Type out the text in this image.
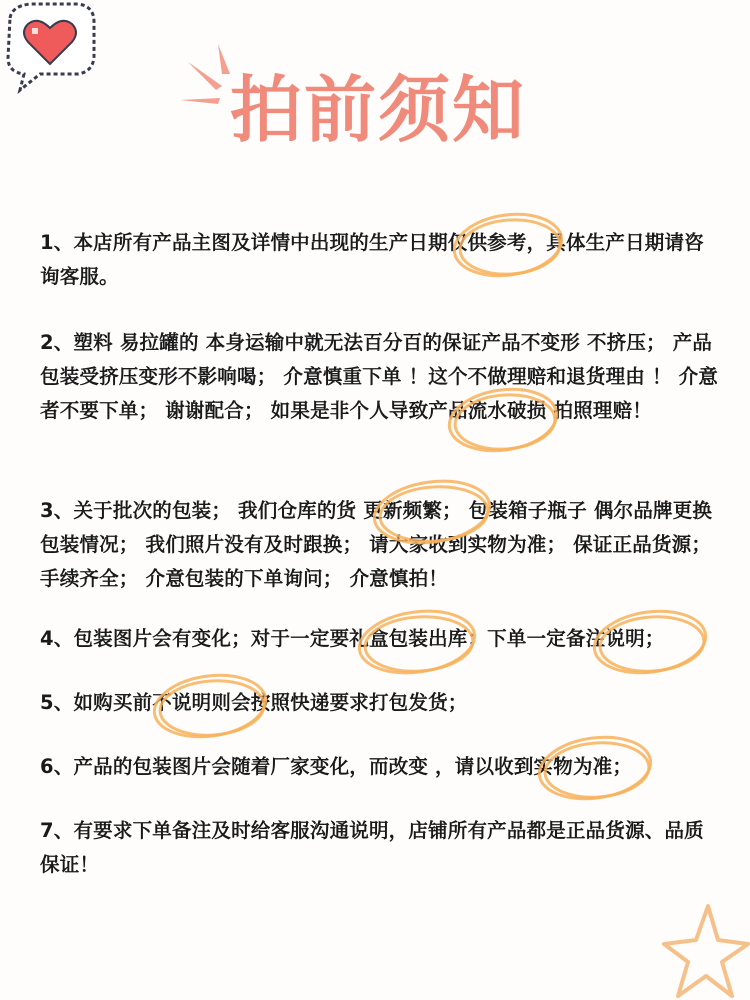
拍前须知
1、本店所有产品主图及详情中出现的生产日期仅供参考，具体生产日期请咨询客服。
2、塑料 易拉罐的 本身运输中就无法百分百的保证产品不变形 不挤压； 产品包装受挤压变形不影响喝； 介意慎重下单 ！这个不做理赔和退货理由 ！ 介意者不要下单； 谢谢配合； 如果是非个人导致产品流水破损 拍照理赔！
3、关于批次的包装； 我们仓库的货 更新频繁； 包装箱子瓶子 偶尔品牌更换包装情况； 我们照片没有及时跟换； 请大家收到实物为准； 保证正品货源； 手续齐全； 介意包装的下单询问； 介意慎拍！
4、包装图片会有变化；对于一定要礼盒包装出库；下单一定备注说明；
5、如购买前不说明则会按照快递要求打包发货；
6、产品的包装图片会随着厂家变化，而改变 ，请以收到实物为准；
7、有要求下单备注及时给客服沟通说明，店铺所有产品都是正品货源、品质保证！
